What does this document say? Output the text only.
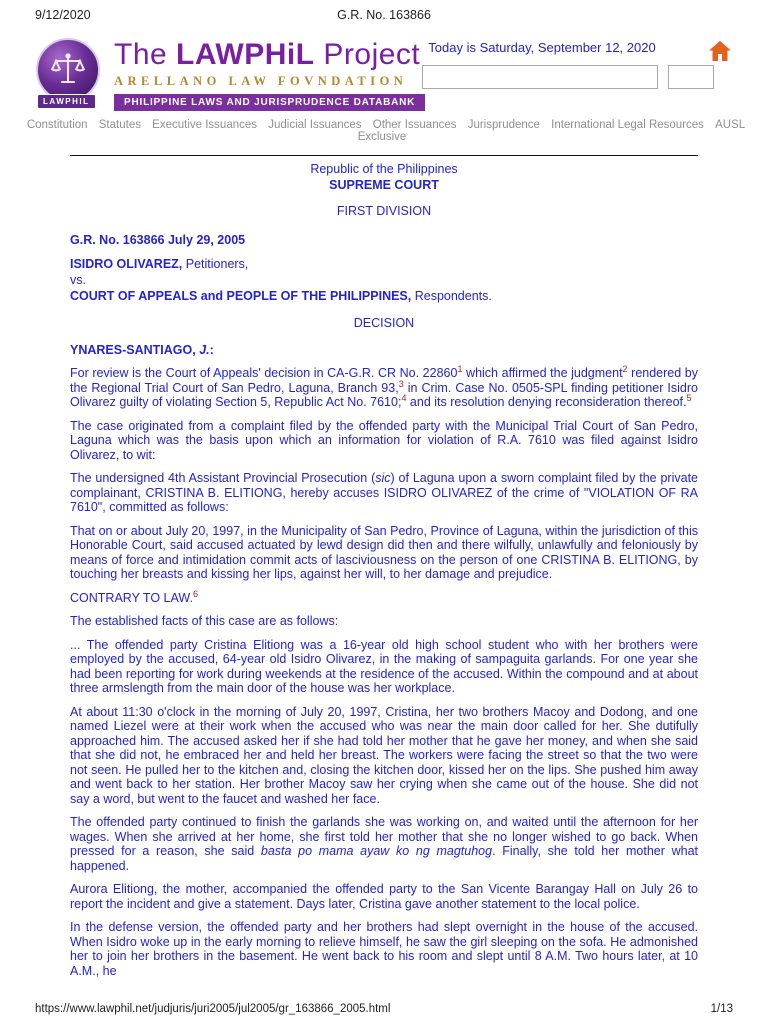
9/12/2020	G.R. No. 163866
LAWPHIL
The LAWPHiL Project
ARELLANO LAW FOVNDATION
PHILIPPINE LAWS AND JURISPRUDENCE DATABANK
Today is Saturday, September 12, 2020
Constitution Statutes Executive Issuances Judicial Issuances Other Issuances Jurisprudence International Legal Resources AUSL Exclusive
Republic of the Philippines
SUPREME COURT
FIRST DIVISION
G.R. No. 163866 July 29, 2005
ISIDRO OLIVAREZ, Petitioners,
vs.
COURT OF APPEALS and PEOPLE OF THE PHILIPPINES, Respondents.
DECISION

YNARES-SANTIAGO, J.:

For review is the Court of Appeals' decision in CA-G.R. CR No. 22860$^1$ which affirmed the judgment$^2$ rendered by the Regional Trial Court of San Pedro, Laguna, Branch 93,$^3$ in Crim. Case No. 0505-SPL finding petitioner Isidro Olivarez guilty of violating Section 5, Republic Act No. 7610;$^4$ and its resolution denying reconsideration thereof.$^5$

The case originated from a complaint filed by the offended party with the Municipal Trial Court of San Pedro, Laguna which was the basis upon which an information for violation of R.A. 7610 was filed against Isidro Olivarez, to wit:

The undersigned 4th Assistant Provincial Prosecution (sic) of Laguna upon a sworn complaint filed by the private complainant, CRISTINA B. ELITIONG, hereby accuses ISIDRO OLIVAREZ of the crime of "VIOLATION OF RA 7610", committed as follows:

That on or about July 20, 1997, in the Municipality of San Pedro, Province of Laguna, within the jurisdiction of this Honorable Court, said accused actuated by lewd design did then and there wilfully, unlawfully and feloniously by means of force and intimidation commit acts of lasciviousness on the person of one CRISTINA B. ELITIONG, by touching her breasts and kissing her lips, against her will, to her damage and prejudice.

CONTRARY TO LAW.$^6$

The established facts of this case are as follows:

... The offended party Cristina Elitiong was a 16-year old high school student who with her brothers were employed by the accused, 64-year old Isidro Olivarez, in the making of sampaguita garlands. For one year she had been reporting for work during weekends at the residence of the accused. Within the compound and at about three armslength from the main door of the house was her workplace.

At about 11:30 o'clock in the morning of July 20, 1997, Cristina, her two brothers Macoy and Dodong, and one named Liezel were at their work when the accused who was near the main door called for her. She dutifully approached him. The accused asked her if she had told her mother that he gave her money, and when she said that she did not, he embraced her and held her breast. The workers were facing the street so that the two were not seen. He pulled her to the kitchen and, closing the kitchen door, kissed her on the lips. She pushed him away and went back to her station. Her brother Macoy saw her crying when she came out of the house. She did not say a word, but went to the faucet and washed her face.

The offended party continued to finish the garlands she was working on, and waited until the afternoon for her wages. When she arrived at her home, she first told her mother that she no longer wished to go back. When pressed for a reason, she said basta po mama ayaw ko ng magtuhog. Finally, she told her mother what happened.

Aurora Elitiong, the mother, accompanied the offended party to the San Vicente Barangay Hall on July 26 to report the incident and give a statement. Days later, Cristina gave another statement to the local police.

In the defense version, the offended party and her brothers had slept overnight in the house of the accused. When Isidro woke up in the early morning to relieve himself, he saw the girl sleeping on the sofa. He admonished her to join her brothers in the basement. He went back to his room and slept until 8 A.M. Two hours later, at 10 A.M., he

https://www.lawphil.net/judjuris/juri2005/jul2005/gr_163866_2005.html	1/13
